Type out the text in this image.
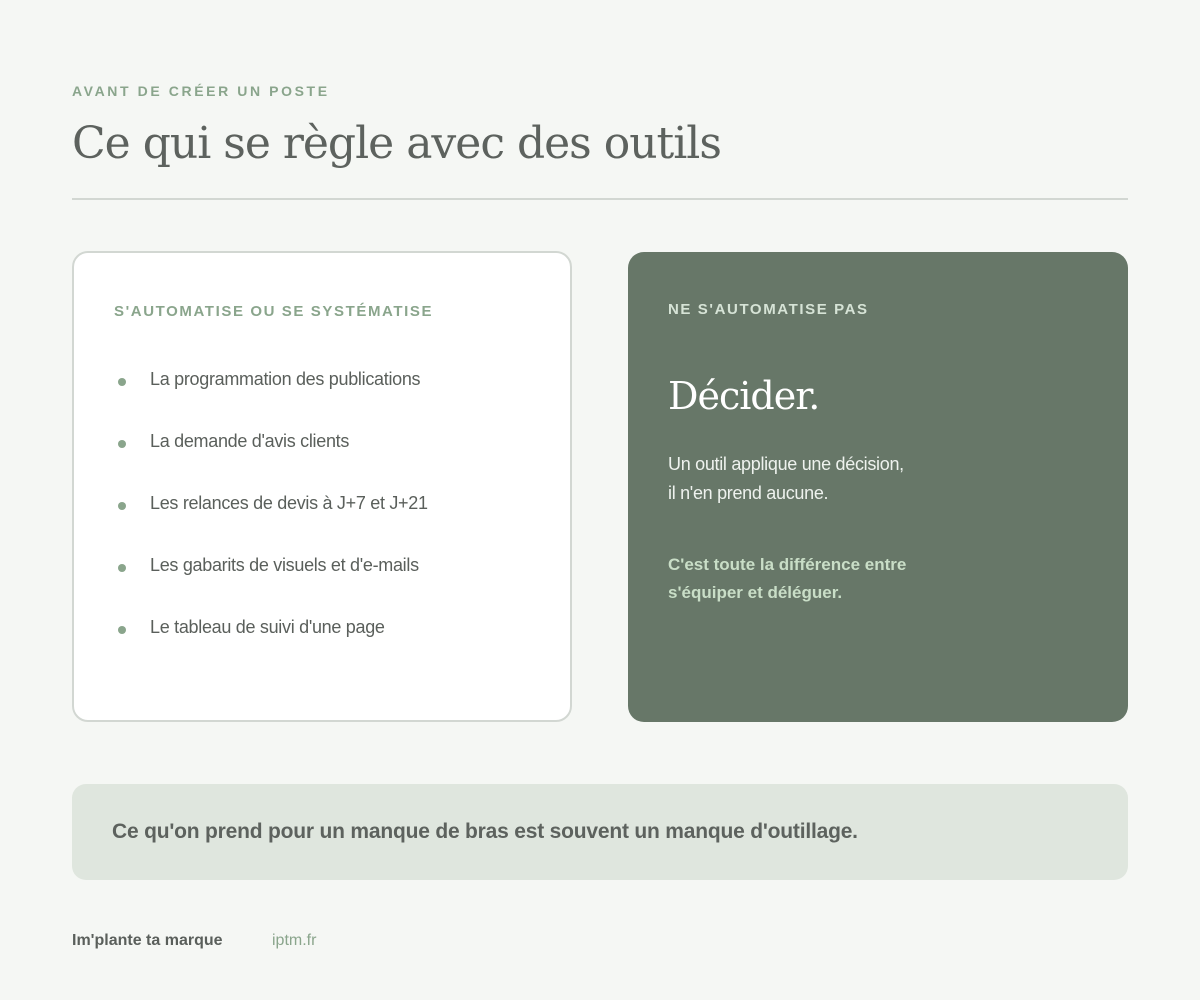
AVANT DE CRÉER UN POSTE
Ce qui se règle avec des outils
S'AUTOMATISE OU SE SYSTÉMATISE
La programmation des publications
La demande d'avis clients
Les relances de devis à J+7 et J+21
Les gabarits de visuels et d'e-mails
Le tableau de suivi d'une page
NE S'AUTOMATISE PAS
Décider.
Un outil applique une décision,
il n'en prend aucune.
C'est toute la différence entre
s'équiper et déléguer.
Ce qu'on prend pour un manque de bras est souvent un manque d'outillage.
Im'plante ta marque	iptm.fr
